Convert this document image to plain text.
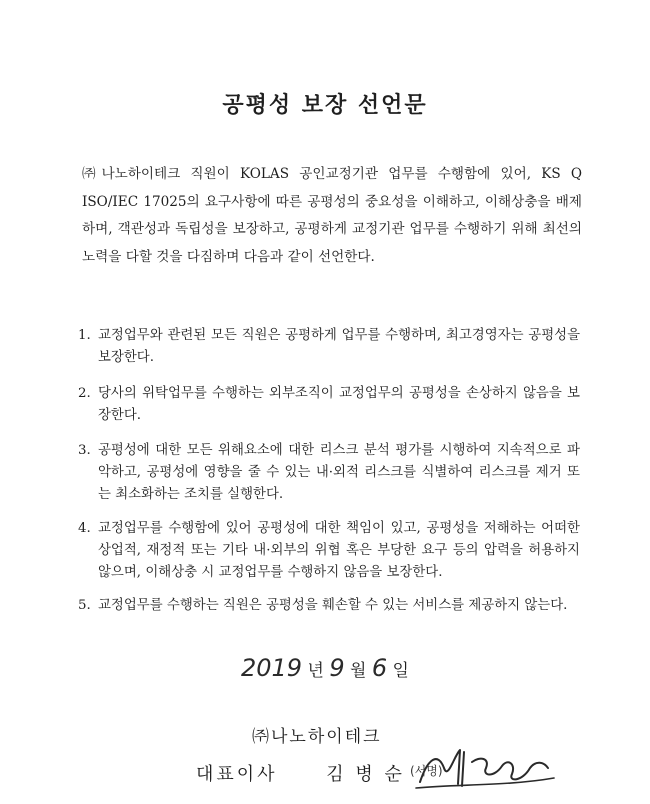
공평성 보장 선언문

㈜나노하이테크 직원이 KOLAS 공인교정기관 업무를 수행함에 있어, KS Q ISO/IEC 17025의 요구사항에 따른 공평성의 중요성을 이해하고, 이해상충을 배제하며, 객관성과 독립성을 보장하고, 공평하게 교정기관 업무를 수행하기 위해 최선의 노력을 다할 것을 다짐하며 다음과 같이 선언한다.

1. 교정업무와 관련된 모든 직원은 공평하게 업무를 수행하며, 최고경영자는 공평성을 보장한다.
2. 당사의 위탁업무를 수행하는 외부조직이 교정업무의 공평성을 손상하지 않음을 보장한다.
3. 공평성에 대한 모든 위해요소에 대한 리스크 분석 평가를 시행하여 지속적으로 파악하고, 공평성에 영향을 줄 수 있는 내·외적 리스크를 식별하여 리스크를 제거 또는 최소화하는 조치를 실행한다.
4. 교정업무를 수행함에 있어 공평성에 대한 책임이 있고, 공평성을 저해하는 어떠한 상업적, 재정적 또는 기타 내·외부의 위협 혹은 부당한 요구 등의 압력을 허용하지 않으며, 이해상충 시 교정업무를 수행하지 않음을 보장한다.
5. 교정업무를 수행하는 직원은 공평성을 훼손할 수 있는 서비스를 제공하지 않는다.
2019 년 9 월 6 일
㈜나노하이테크
대표이사	김 병 순 (서명)
